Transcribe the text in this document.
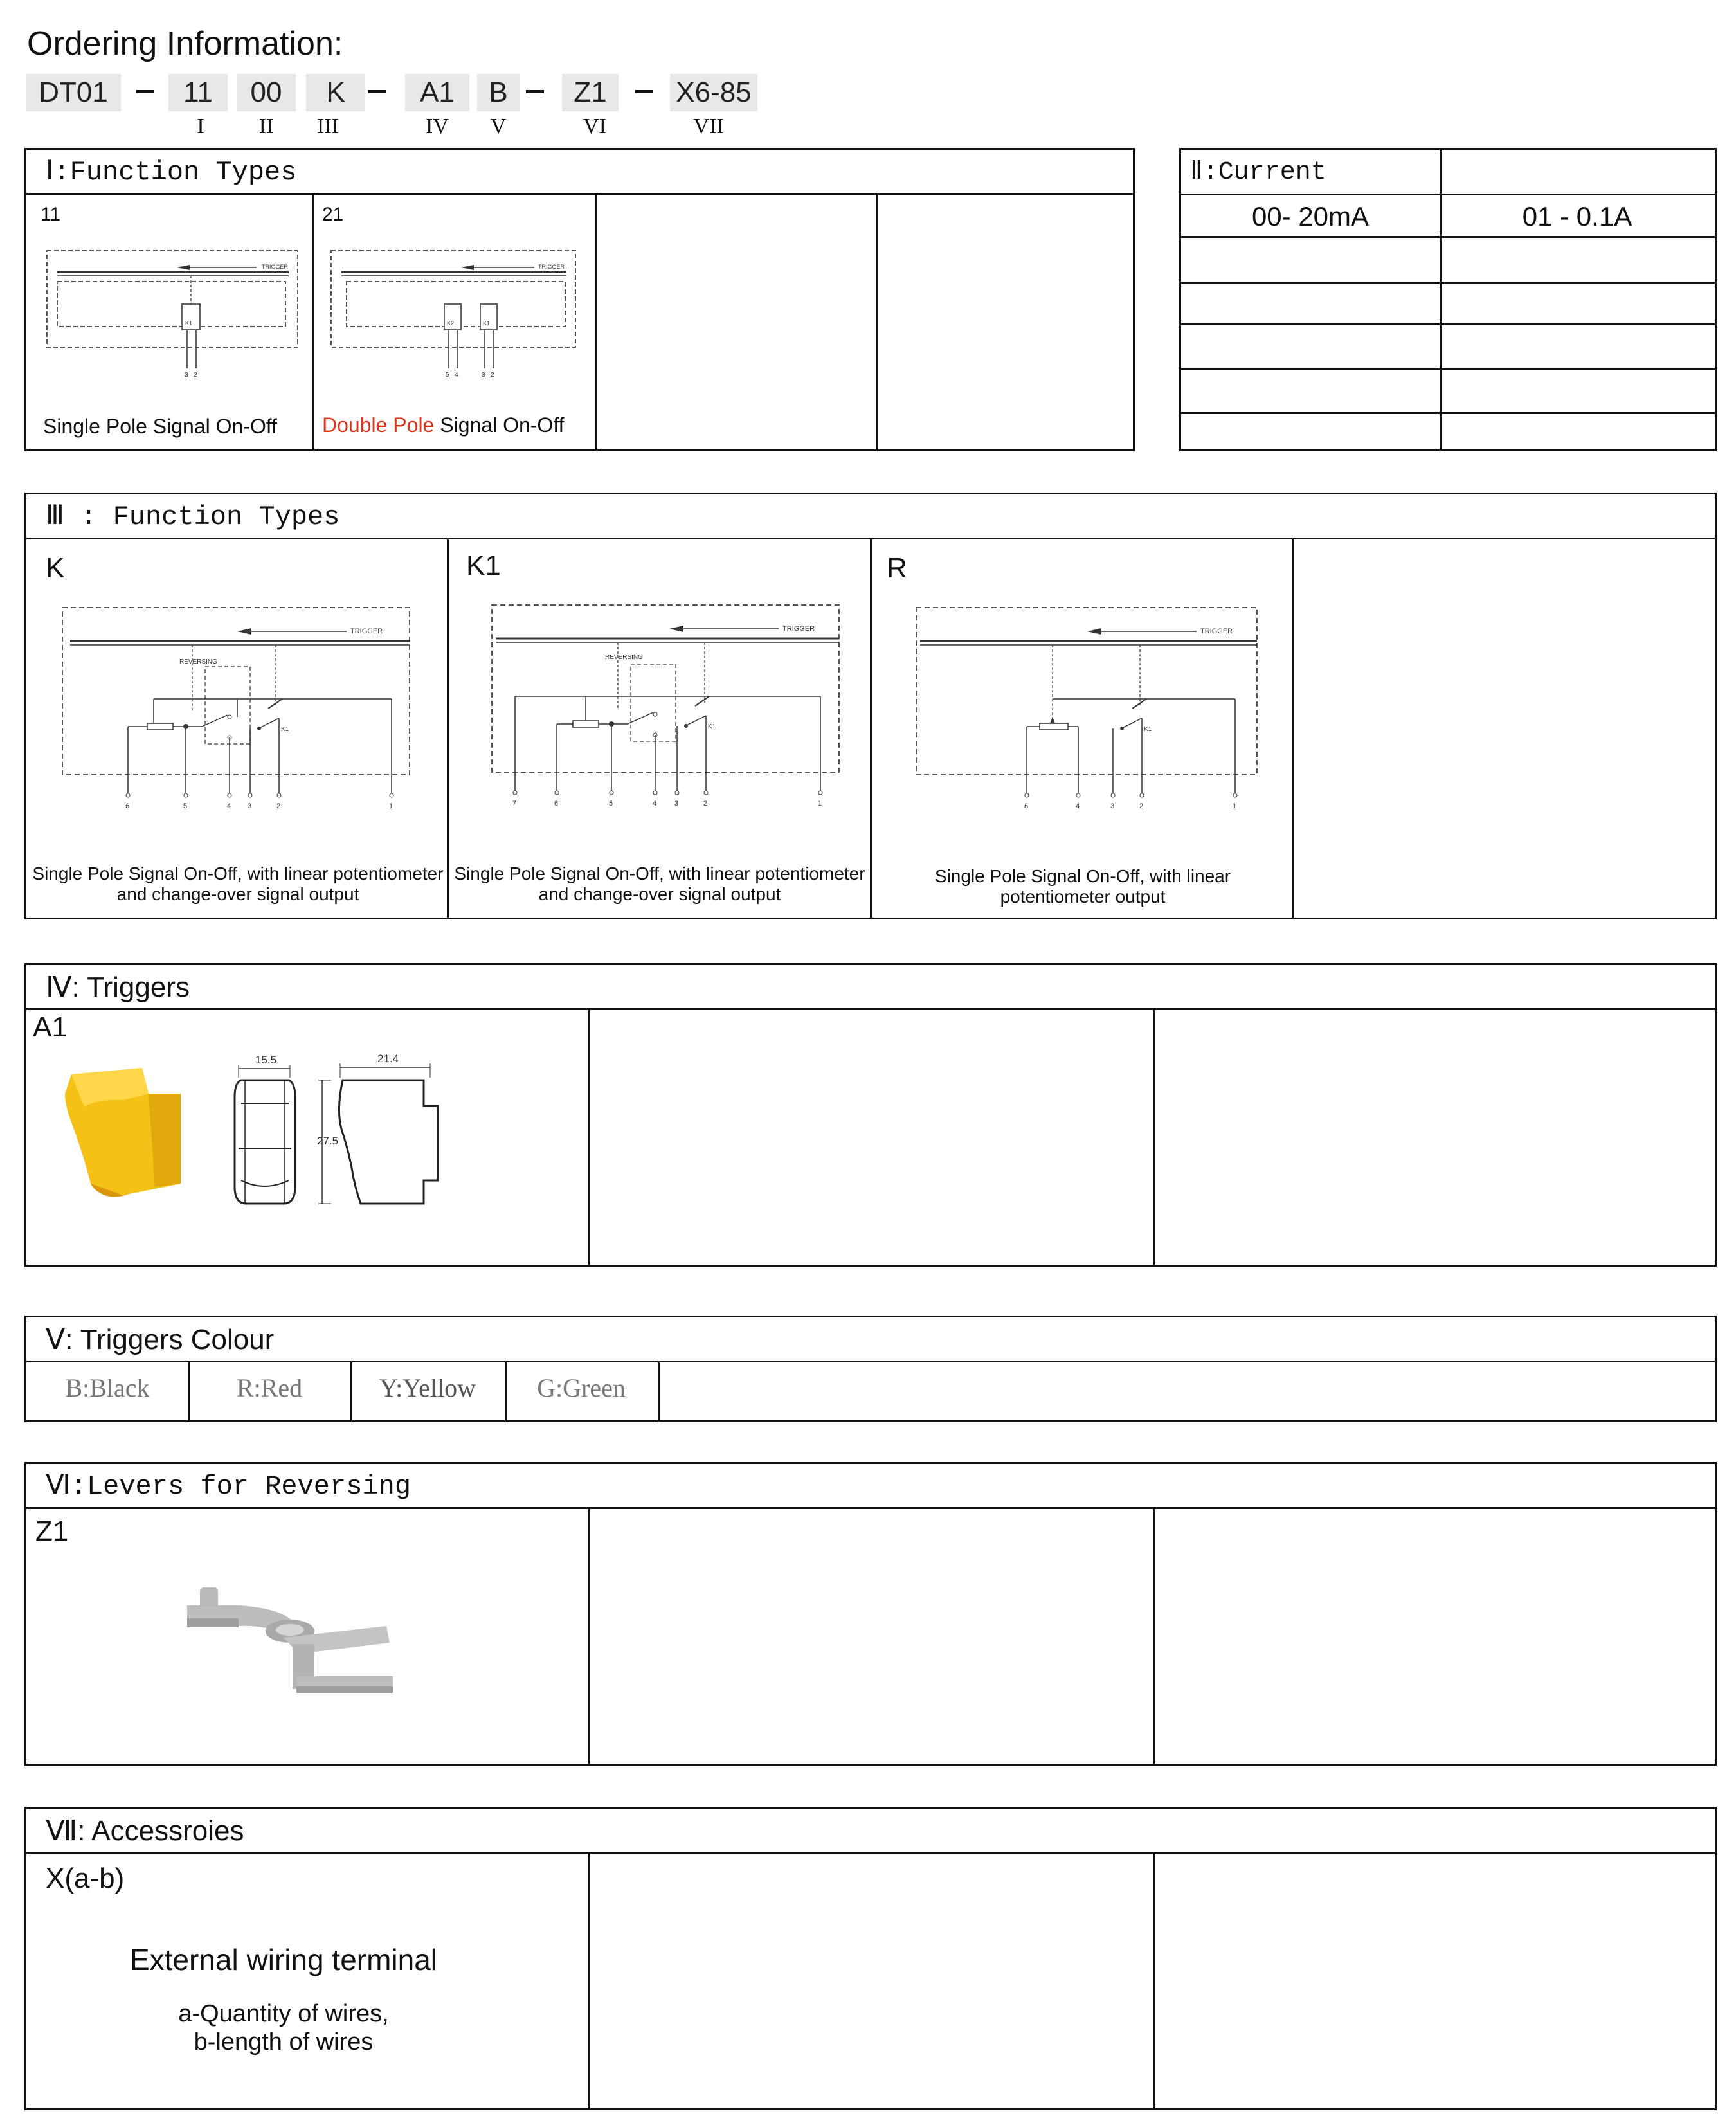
Ordering Information:
DT01	11	00	K	A1	B	Z1	X6-85
I	II	III	IV	V	VI	VII
Ⅰ:Function Types
11	21
TRIGGER
K1
3 2
TRIGGER
K2	K1
5 4	3 2
Single Pole Signal On-Off Double Pole Signal On-Off
Ⅱ:Current
00- 20mA	01 - 0.1A
Ⅲ : Function Types
K	K1	R
TRIGGER
REVERSING
K1
6	5	4 3	2	1
TRIGGER
REVERSING
K1
7	6	5	4	3	2	1
TRIGGER
K1
6	4	3	2	1
Single Pole Signal On-Off, with linear potentiometer
and change-over signal output
Single Pole Signal On-Off, with linear potentiometer
and change-over signal output
Single Pole Signal On-Off, with linear
potentiometer output
Ⅳ: Triggers
A1
15.5
27.5
21.4
Ⅴ: Triggers Colour
B:Black	R:Red	Y:Yellow	G:Green
Ⅵ:Levers for Reversing
Z1
Ⅶ: Accessroies
X(a-b)
External wiring terminal
a-Quantity of wires,
b-length of wires
